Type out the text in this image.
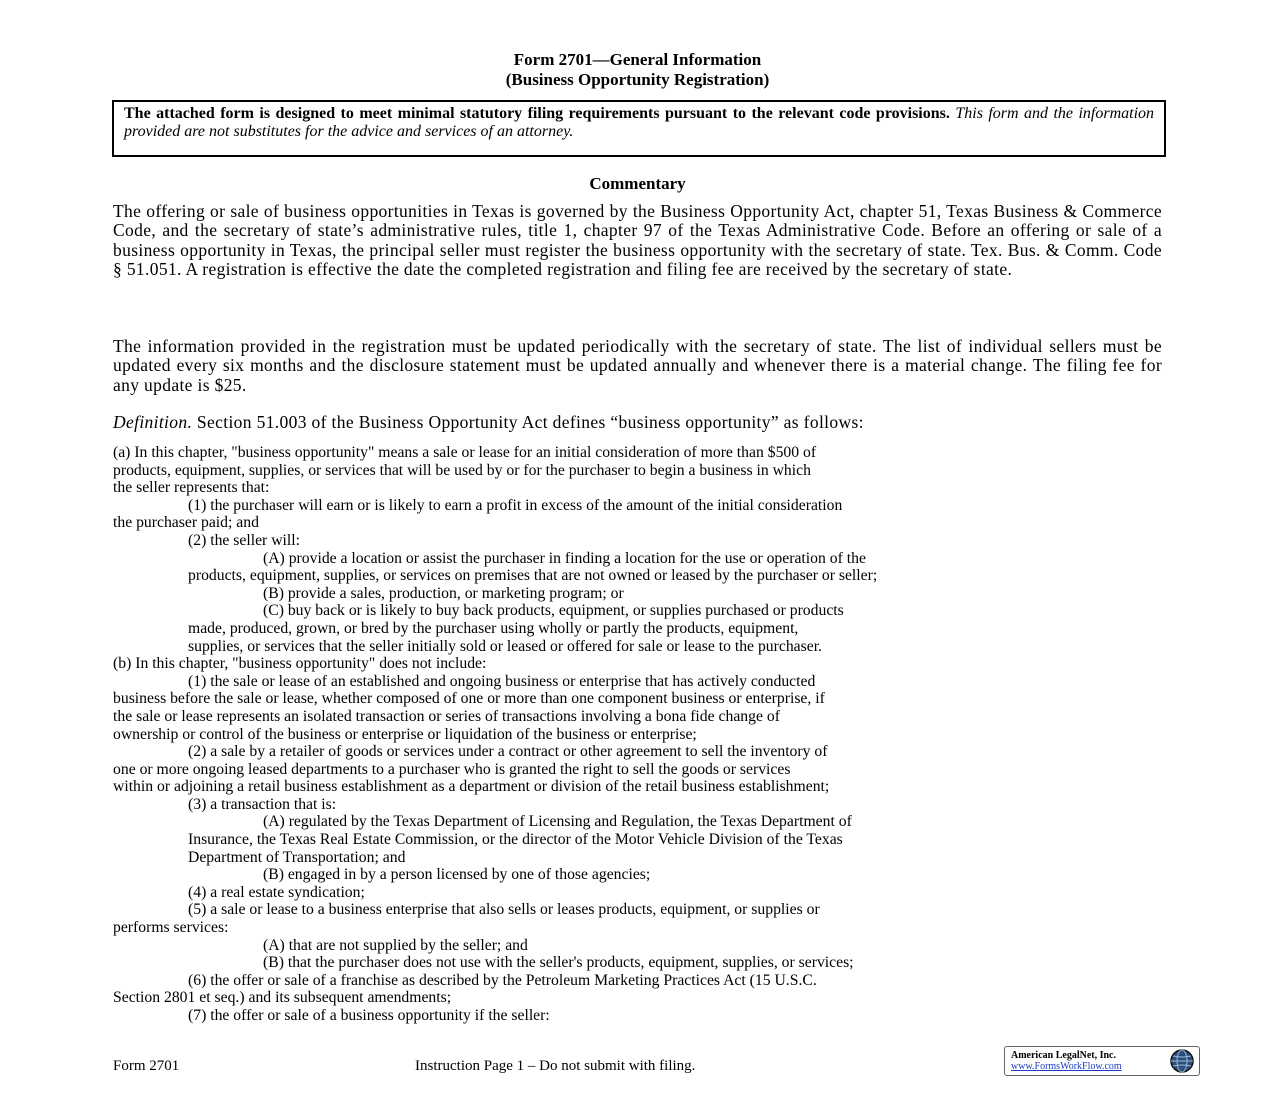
Form 2701—General Information
(Business Opportunity Registration)
The attached form is designed to meet minimal statutory filing requirements pursuant to the relevant code provisions. This form and the information provided are not substitutes for the advice and services of an attorney.
Commentary
The offering or sale of business opportunities in Texas is governed by the Business Opportunity Act, chapter 51, Texas Business & Commerce Code, and the secretary of state’s administrative rules, title 1, chapter 97 of the Texas Administrative Code. Before an offering or sale of a business opportunity in Texas, the principal seller must register the business opportunity with the secretary of state. Tex. Bus. & Comm. Code § 51.051. A registration is effective the date the completed registration and filing fee are received by the secretary of state.
The information provided in the registration must be updated periodically with the secretary of state. The list of individual sellers must be updated every six months and the disclosure statement must be updated annually and whenever there is a material change. The filing fee for any update is $25.
Definition. Section 51.003 of the Business Opportunity Act defines “business opportunity” as follows:
(a) In this chapter, "business opportunity" means a sale or lease for an initial consideration of more than $500 of
products, equipment, supplies, or services that will be used by or for the purchaser to begin a business in which
the seller represents that:
(1) the purchaser will earn or is likely to earn a profit in excess of the amount of the initial consideration
the purchaser paid; and
(2) the seller will:
(A) provide a location or assist the purchaser in finding a location for the use or operation of the
products, equipment, supplies, or services on premises that are not owned or leased by the purchaser or seller;
(B) provide a sales, production, or marketing program; or
(C) buy back or is likely to buy back products, equipment, or supplies purchased or products
made, produced, grown, or bred by the purchaser using wholly or partly the products, equipment,
supplies, or services that the seller initially sold or leased or offered for sale or lease to the purchaser.
(b) In this chapter, "business opportunity" does not include:
(1) the sale or lease of an established and ongoing business or enterprise that has actively conducted
business before the sale or lease, whether composed of one or more than one component business or enterprise, if
the sale or lease represents an isolated transaction or series of transactions involving a bona fide change of
ownership or control of the business or enterprise or liquidation of the business or enterprise;
(2) a sale by a retailer of goods or services under a contract or other agreement to sell the inventory of
one or more ongoing leased departments to a purchaser who is granted the right to sell the goods or services
within or adjoining a retail business establishment as a department or division of the retail business establishment;
(3) a transaction that is:
(A) regulated by the Texas Department of Licensing and Regulation, the Texas Department of
Insurance, the Texas Real Estate Commission, or the director of the Motor Vehicle Division of the Texas
Department of Transportation; and
(B) engaged in by a person licensed by one of those agencies;
(4) a real estate syndication;
(5) a sale or lease to a business enterprise that also sells or leases products, equipment, or supplies or
performs services:
(A) that are not supplied by the seller; and
(B) that the purchaser does not use with the seller's products, equipment, supplies, or services;
(6) the offer or sale of a franchise as described by the Petroleum Marketing Practices Act (15 U.S.C.
Section 2801 et seq.) and its subsequent amendments;
(7) the offer or sale of a business opportunity if the seller:
Form 2701	Instruction Page 1 – Do not submit with filing.
American LegalNet, Inc.
www.FormsWorkFlow.com
